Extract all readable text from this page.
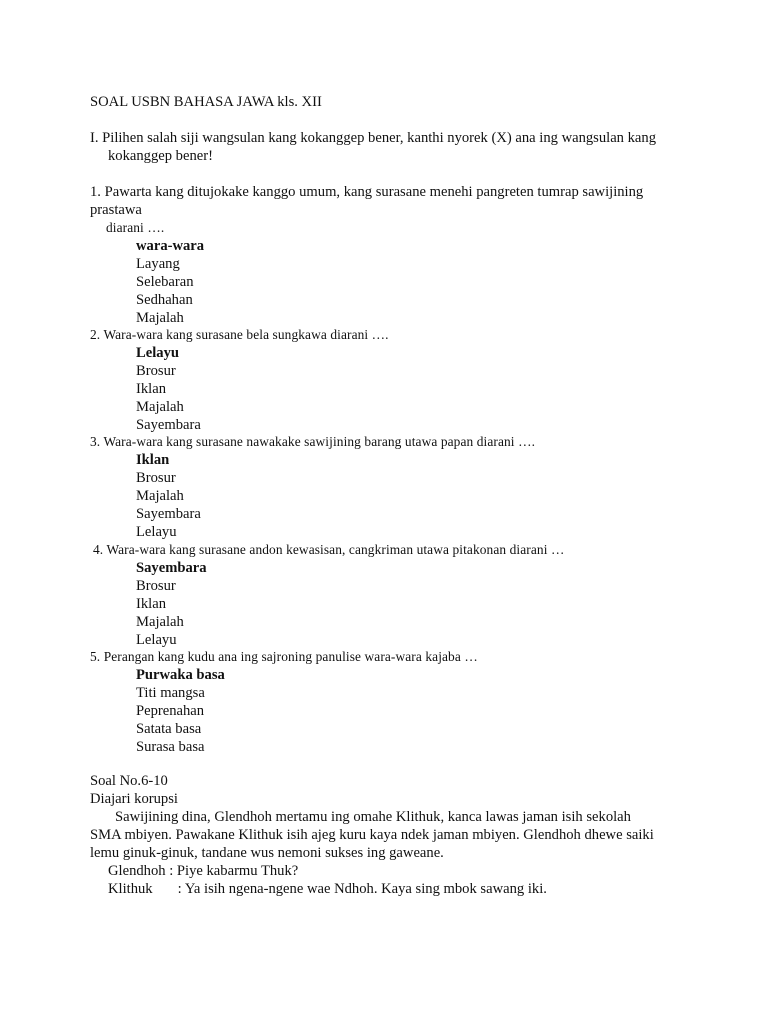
SOAL USBN BAHASA JAWA kls. XII
I. Pilihen salah siji wangsulan kang kokanggep bener, kanthi nyorek (X) ana ing wangsulan kang
kokanggep bener!
1. Pawarta kang ditujokake kanggo umum, kang surasane menehi pangreten tumrap sawijining
prastawa
diarani ….
wara-wara
Layang
Selebaran
Sedhahan
Majalah
2. Wara-wara kang surasane bela sungkawa diarani ….
Lelayu
Brosur
Iklan
Majalah
Sayembara
3. Wara-wara kang surasane nawakake sawijining barang utawa papan diarani ….
Iklan
Brosur
Majalah
Sayembara
Lelayu
4. Wara-wara kang surasane andon kewasisan, cangkriman utawa pitakonan diarani …
Sayembara
Brosur
Iklan
Majalah
Lelayu
5. Perangan kang kudu ana ing sajroning panulise wara-wara kajaba …
Purwaka basa
Titi mangsa
Peprenahan
Satata basa
Surasa basa
Soal No.6-10
Diajari korupsi
Sawijining dina, Glendhoh mertamu ing omahe Klithuk, kanca lawas jaman isih sekolah
SMA mbiyen. Pawakane Klithuk isih ajeg kuru kaya ndek jaman mbiyen. Glendhoh dhewe saiki
lemu ginuk-ginuk, tandane wus nemoni sukses ing gaweane.
Glendhoh : Piye kabarmu Thuk?
Klithuk : Ya isih ngena-ngene wae Ndhoh. Kaya sing mbok sawang iki.
